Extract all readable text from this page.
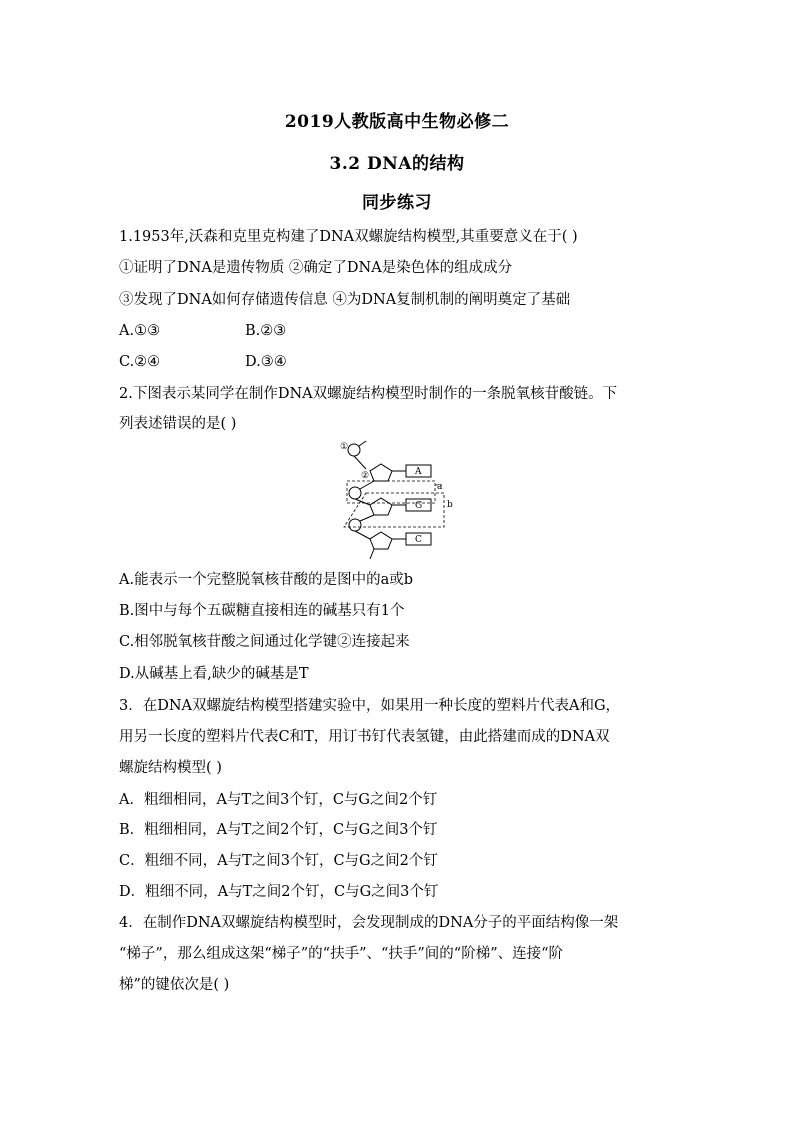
2019人教版高中生物必修二
3.2 DNA的结构
同步练习
1.1953年,沃森和克里克构建了DNA双螺旋结构模型,其重要意义在于( )
①证明了DNA是遗传物质 ②确定了DNA是染色体的组成成分
③发现了DNA如何存储遗传信息 ④为DNA复制机制的阐明奠定了基础
A.①③	B.②③
C.②④	D.③④
2.下图表示某同学在制作DNA双螺旋结构模型时制作的一条脱氧核苷酸链。下
列表述错误的是( )
①
②	A
G
C
a
b
A.能表示一个完整脱氧核苷酸的是图中的a或b
B.图中与每个五碳糖直接相连的碱基只有1个
C.相邻脱氧核苷酸之间通过化学键②连接起来
D.从碱基上看,缺少的碱基是T
3．在DNA双螺旋结构模型搭建实验中，如果用一种长度的塑料片代表A和G，
用另一长度的塑料片代表C和T，用订书钉代表氢键，由此搭建而成的DNA双
螺旋结构模型( )
A．粗细相同，A与T之间3个钉，C与G之间2个钉
B．粗细相同，A与T之间2个钉，C与G之间3个钉
C．粗细不同，A与T之间3个钉，C与G之间2个钉
D．粗细不同，A与T之间2个钉，C与G之间3个钉
4．在制作DNA双螺旋结构模型时，会发现制成的DNA分子的平面结构像一架
“梯子”，那么组成这架“梯子”的“扶手”、“扶手”间的“阶梯”、连接“阶
梯”的键依次是( )
